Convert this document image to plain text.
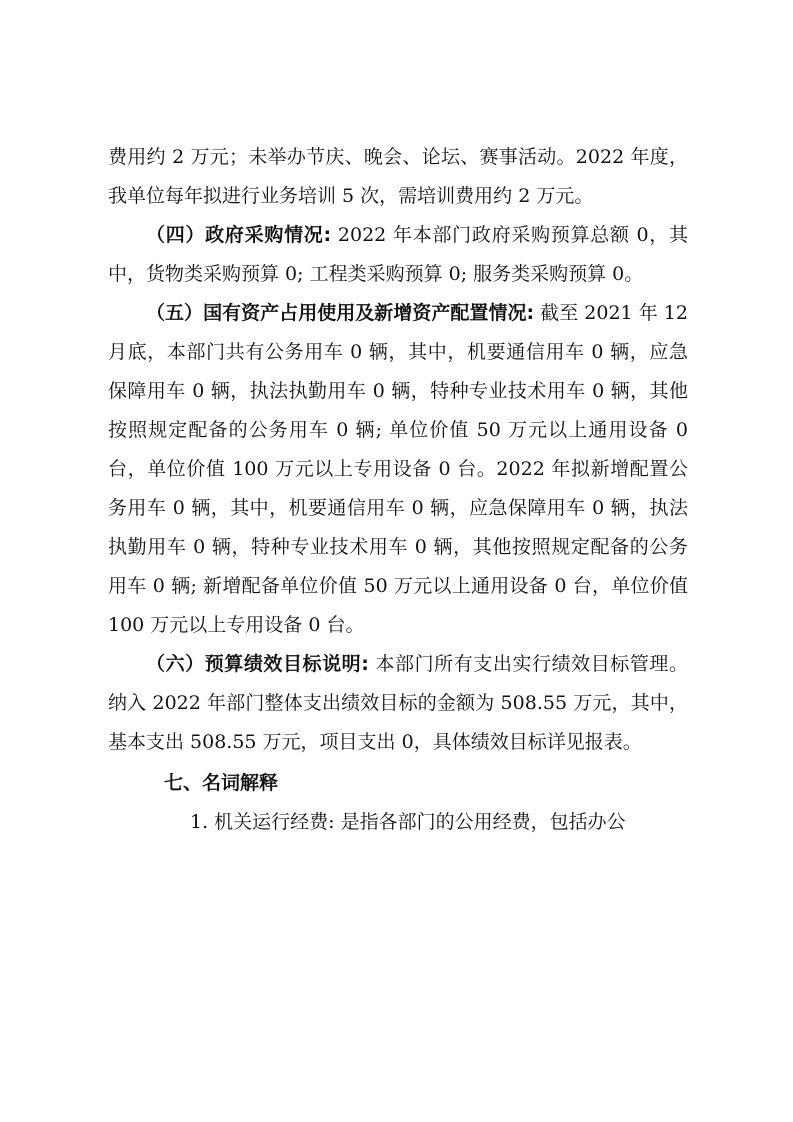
费用约 2 万元；未举办节庆、晚会、论坛、赛事活动。2022 年度，我单位每年拟进行业务培训 5 次，需培训费用约 2 万元。

（四）政府采购情况: 2022 年本部门政府采购预算总额 0，其中，货物类采购预算 0; 工程类采购预算 0; 服务类采购预算 0。

（五）国有资产占用使用及新增资产配置情况: 截至 2021 年 12 月底，本部门共有公务用车 0 辆，其中，机要通信用车 0 辆，应急保障用车 0 辆，执法执勤用车 0 辆，特种专业技术用车 0 辆，其他按照规定配备的公务用车 0 辆; 单位价值 50 万元以上通用设备 0 台，单位价值 100 万元以上专用设备 0 台。2022 年拟新增配置公务用车 0 辆，其中，机要通信用车 0 辆，应急保障用车 0 辆，执法执勤用车 0 辆，特种专业技术用车 0 辆，其他按照规定配备的公务用车 0 辆; 新增配备单位价值 50 万元以上通用设备 0 台，单位价值 100 万元以上专用设备 0 台。

（六）预算绩效目标说明: 本部门所有支出实行绩效目标管理。纳入 2022 年部门整体支出绩效目标的金额为 508.55 万元，其中，基本支出 508.55 万元，项目支出 0，具体绩效目标详见报表。

七、名词解释

1. 机关运行经费: 是指各部门的公用经费，包括办公
